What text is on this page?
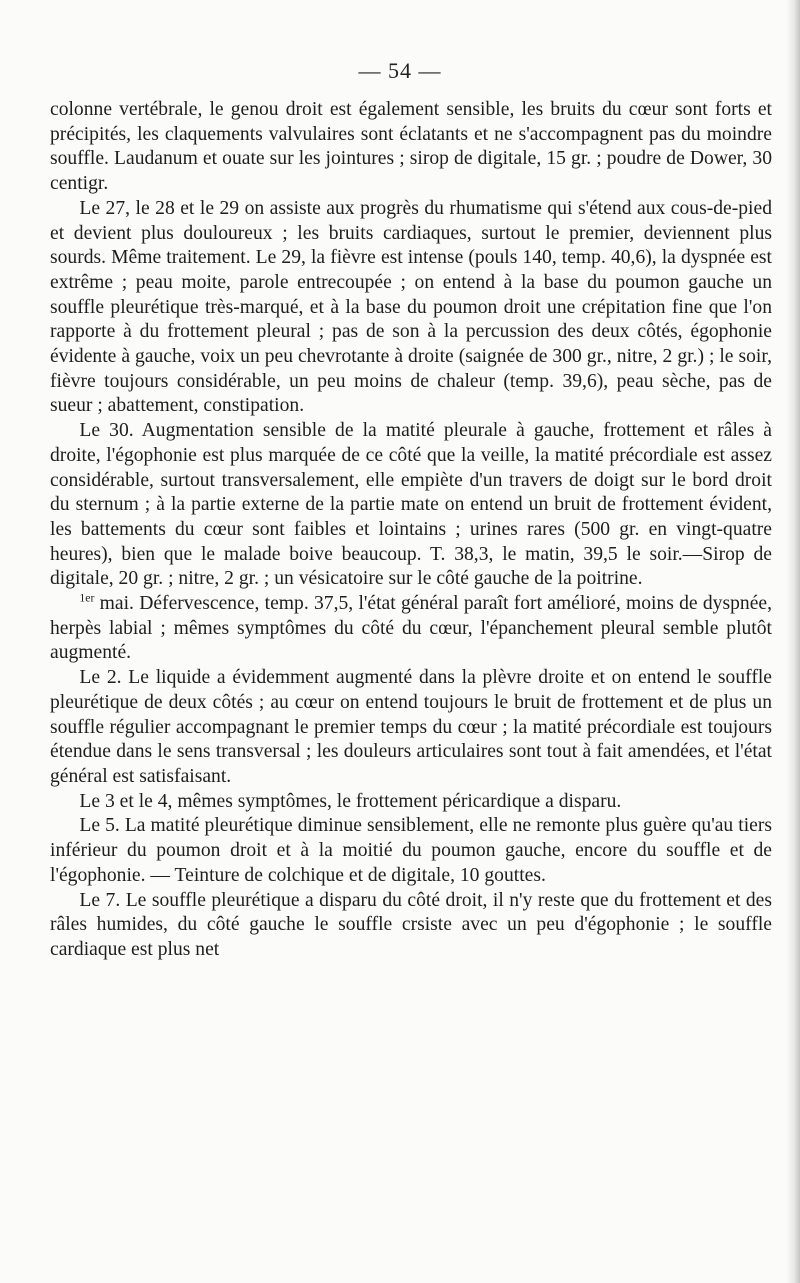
— 54 —

colonne vertébrale, le genou droit est également sensible, les bruits du cœur sont forts et précipités, les claquements valvulaires sont éclatants et ne s'accompagnent pas du moindre souffle. Laudanum et ouate sur les jointures ; sirop de digitale, 15 gr. ; poudre de Dower, 30 centigr.

Le 27, le 28 et le 29 on assiste aux progrès du rhumatisme qui s'étend aux cous-de-pied et devient plus douloureux ; les bruits cardiaques, surtout le premier, deviennent plus sourds. Même traitement. Le 29, la fièvre est intense (pouls 140, temp. 40,6), la dyspnée est extrême ; peau moite, parole entrecoupée ; on entend à la base du poumon gauche un souffle pleurétique très-marqué, et à la base du poumon droit une crépitation fine que l'on rapporte à du frottement pleural ; pas de son à la percussion des deux côtés, égophonie évidente à gauche, voix un peu chevrotante à droite (saignée de 300 gr., nitre, 2 gr.) ; le soir, fièvre toujours considérable, un peu moins de chaleur (temp. 39,6), peau sèche, pas de sueur ; abattement, constipation.

Le 30. Augmentation sensible de la matité pleurale à gauche, frottement et râles à droite, l'égophonie est plus marquée de ce côté que la veille, la matité précordiale est assez considérable, surtout transversalement, elle empiète d'un travers de doigt sur le bord droit du sternum ; à la partie externe de la partie mate on entend un bruit de frottement évident, les battements du cœur sont faibles et lointains ; urines rares (500 gr. en vingt-quatre heures), bien que le malade boive beaucoup. T. 38,3, le matin, 39,5 le soir.—Sirop de digitale, 20 gr. ; nitre, 2 gr. ; un vésicatoire sur le côté gauche de la poitrine.

$^{1er}$ mai. Défervescence, temp. 37,5, l'état général paraît fort amélioré, moins de dyspnée, herpès labial ; mêmes symptômes du côté du cœur, l'épanchement pleural semble plutôt augmenté.

Le 2. Le liquide a évidemment augmenté dans la plèvre droite et on entend le souffle pleurétique de deux côtés ; au cœur on entend toujours le bruit de frottement et de plus un souffle régulier accompagnant le premier temps du cœur ; la matité précordiale est toujours étendue dans le sens transversal ; les douleurs articulaires sont tout à fait amendées, et l'état général est satisfaisant.

Le 3 et le 4, mêmes symptômes, le frottement péricardique a disparu.

Le 5. La matité pleurétique diminue sensiblement, elle ne remonte plus guère qu'au tiers inférieur du poumon droit et à la moitié du poumon gauche, encore du souffle et de l'égophonie. — Teinture de colchique et de digitale, 10 gouttes.

Le 7. Le souffle pleurétique a disparu du côté droit, il n'y reste que du frottement et des râles humides, du côté gauche le souffle crsiste avec un peu d'égophonie ; le souffle cardiaque est plus net
